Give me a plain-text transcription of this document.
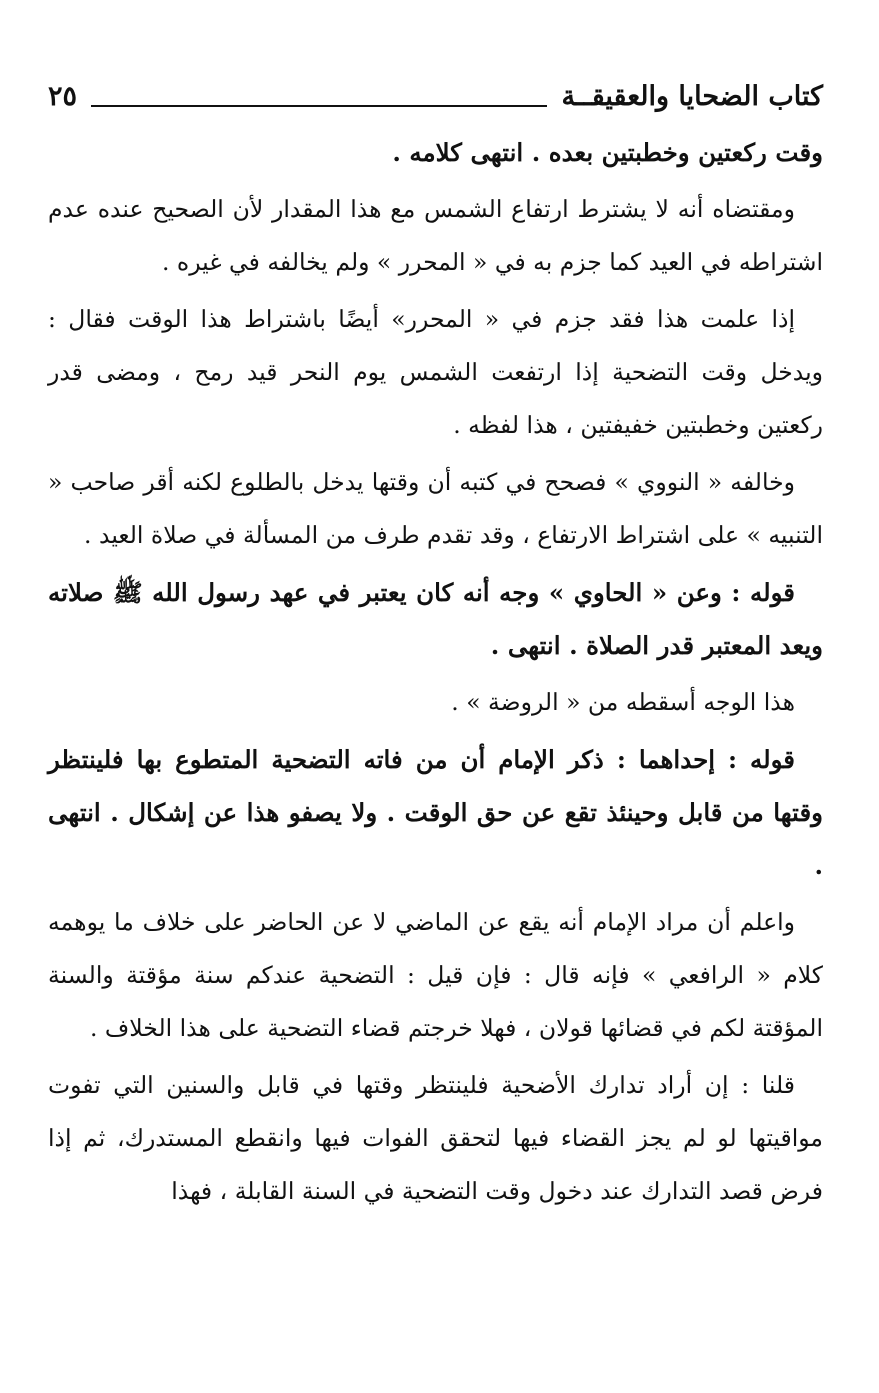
كتاب الضحايا والعقيقــة
٢٥

وقت ركعتين وخطبتين بعده . انتهى كلامه .

ومقتضاه أنه لا يشترط ارتفاع الشمس مع هذا المقدار لأن الصحيح عنده عدم اشتراطه في العيد كما جزم به في « المحرر » ولم يخالفه في غيره .

إذا علمت هذا فقد جزم في « المحرر» أيضًا باشتراط هذا الوقت فقال : ويدخل وقت التضحية إذا ارتفعت الشمس يوم النحر قيد رمح ، ومضى قدر ركعتين وخطبتين خفيفتين ، هذا لفظه .

وخالفه « النووي » فصحح في كتبه أن وقتها يدخل بالطلوع لكنه أقر صاحب « التنبيه » على اشتراط الارتفاع ، وقد تقدم طرف من المسألة في صلاة العيد .

قوله : وعن « الحاوي » وجه أنه كان يعتبر في عهد رسول الله ﷺ صلاته ويعد المعتبر قدر الصلاة . انتهى .

هذا الوجه أسقطه من « الروضة » .

قوله : إحداهما : ذكر الإمام أن من فاته التضحية المتطوع بها فلينتظر وقتها من قابل وحينئذ تقع عن حق الوقت . ولا يصفو هذا عن إشكال . انتهى .

واعلم أن مراد الإمام أنه يقع عن الماضي لا عن الحاضر على خلاف ما يوهمه كلام « الرافعي » فإنه قال : فإن قيل : التضحية عندكم سنة مؤقتة والسنة المؤقتة لكم في قضائها قولان ، فهلا خرجتم قضاء التضحية على هذا الخلاف .

قلنا : إن أراد تدارك الأضحية فلينتظر وقتها في قابل والسنين التي تفوت مواقيتها لو لم يجز القضاء فيها لتحقق الفوات فيها وانقطع المستدرك، ثم إذا فرض قصد التدارك عند دخول وقت التضحية في السنة القابلة ، فهذا
